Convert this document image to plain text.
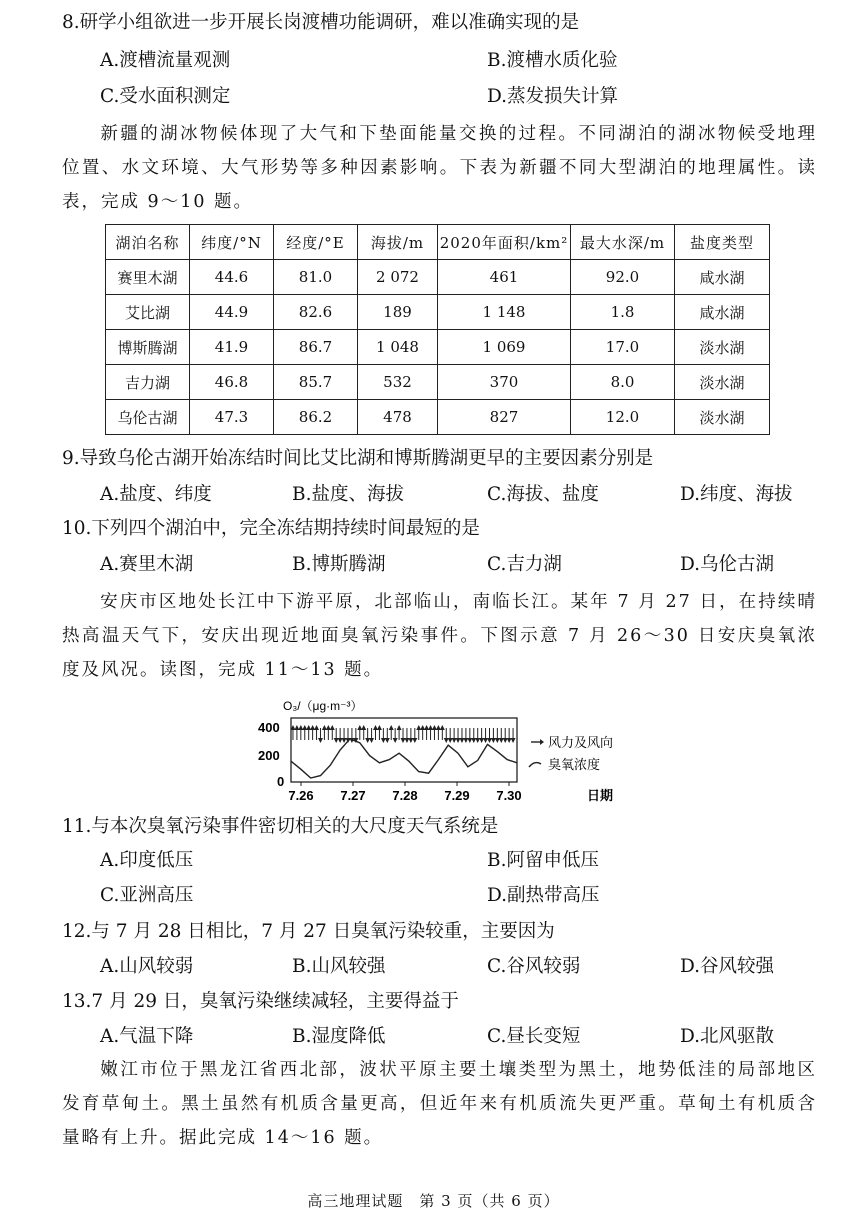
8.研学小组欲进一步开展长岗渡槽功能调研，难以准确实现的是
A.渡槽流量观测	B.渡槽水质化验
C.受水面积测定	D.蒸发损失计算
新疆的湖冰物候体现了大气和下垫面能量交换的过程。不同湖泊的湖冰物候受地理位置、水文环境、大气形势等多种因素影响。下表为新疆不同大型湖泊的地理属性。读表，完成 9～10 题。
湖泊名称	纬度/°N	经度/°E	海拔/m	2020年面积/km²	最大水深/m	盐度类型
赛里木湖	44.6	81.0	2 072	461	92.0	咸水湖
艾比湖	44.9	82.6	189	1 148	1.8	咸水湖
博斯腾湖	41.9	86.7	1 048	1 069	17.0	淡水湖
吉力湖	46.8	85.7	532	370	8.0	淡水湖
乌伦古湖	47.3	86.2	478	827	12.0	淡水湖
9.导致乌伦古湖开始冻结时间比艾比湖和博斯腾湖更早的主要因素分别是
A.盐度、纬度	B.盐度、海拔	C.海拔、盐度	D.纬度、海拔
10.下列四个湖泊中，完全冻结期持续时间最短的是
A.赛里木湖	B.博斯腾湖	C.吉力湖	D.乌伦古湖
安庆市区地处长江中下游平原，北部临山，南临长江。某年 7 月 27 日，在持续晴热高温天气下，安庆出现近地面臭氧污染事件。下图示意 7 月 26～30 日安庆臭氧浓度及风况。读图，完成 11～13 题。
O₃/（μg·m⁻³）
400
200
0
7.26 7.27 7.28 7.29 7.30	日期
风力及风向
臭氧浓度
11.与本次臭氧污染事件密切相关的大尺度天气系统是
A.印度低压	B.阿留申低压
C.亚洲高压	D.副热带高压
12.与 7 月 28 日相比，7 月 27 日臭氧污染较重，主要因为
A.山风较弱	B.山风较强	C.谷风较弱	D.谷风较强
13.7 月 29 日，臭氧污染继续减轻，主要得益于
A.气温下降	B.湿度降低	C.昼长变短	D.北风驱散
嫩江市位于黑龙江省西北部，波状平原主要土壤类型为黑土，地势低洼的局部地区发育草甸土。黑土虽然有机质含量更高，但近年来有机质流失更严重。草甸土有机质含量略有上升。据此完成 14～16 题。
高三地理试题　第 3 页（共 6 页）
